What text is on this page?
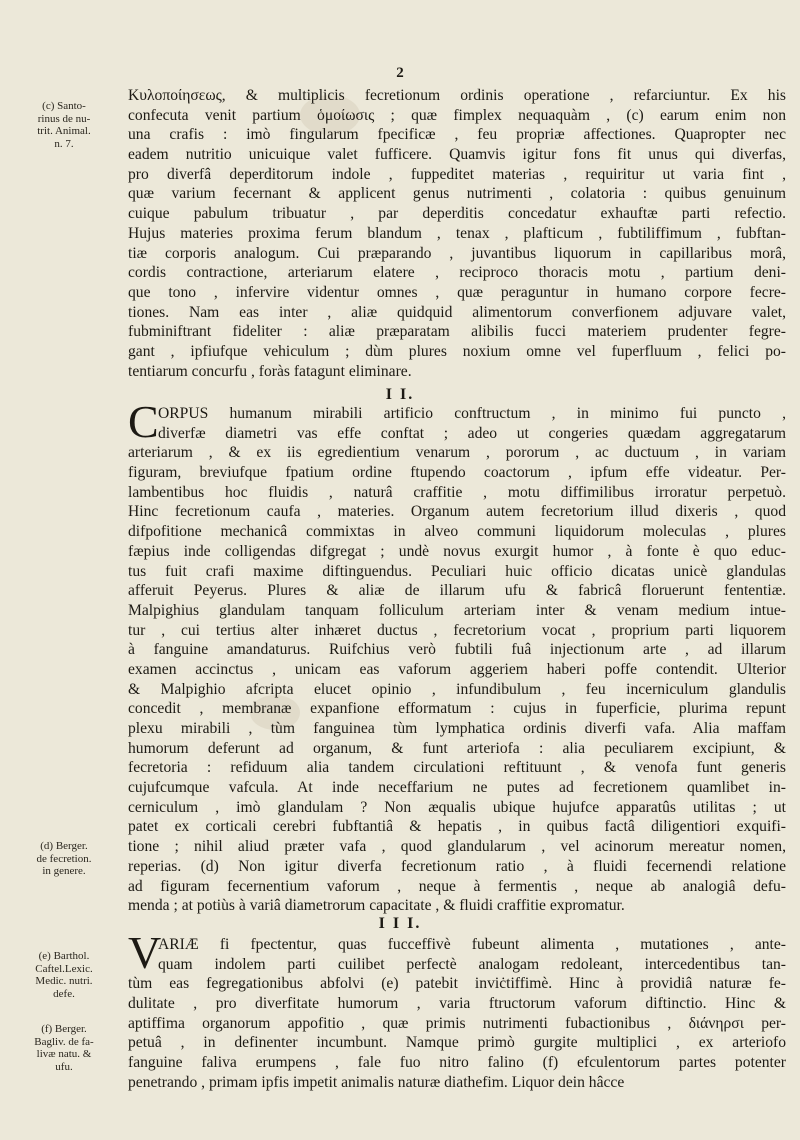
2
(c) Santo-
rinus de nu-
trit. Animal.
n. 7.
(d) Berger.
de fecretion.
in genere.
(e) Barthol.
Caftel.Lexic.
Medic. nutri.
defe.
(f) Berger.
Bagliv. de fa-
livæ natu. &
ufu.
Κυλοποίησεως, & multiplicis fecretionum ordinis operatione , refarciuntur. Ex his
confecuta venit partium ὁμοίωσις ; quæ fimplex nequaquàm , (c) earum enim non
una crafis : imò fingularum fpecificæ , feu propriæ affectiones. Quapropter nec
eadem nutritio unicuique valet fufficere. Quamvis igitur fons fit unus qui diverfas,
pro diverfâ deperditorum indole , fuppeditet materias , requiritur ut varia fint ,
quæ varium fecernant & applicent genus nutrimenti , colatoria : quibus genuinum
cuique pabulum tribuatur , par deperditis concedatur exhauftæ parti refectio.
Hujus materies proxima ferum blandum , tenax , plafticum , fubtiliffimum , fubftan-
tiæ corporis analogum. Cui præparando , juvantibus liquorum in capillaribus morâ,
cordis contractione, arteriarum elatere , reciproco thoracis motu , partium deni-
que tono , infervire videntur omnes , quæ peraguntur in humano corpore fecre-
tiones. Nam eas inter , aliæ quidquid alimentorum converfionem adjuvare valet,
fubminiftrant fideliter : aliæ præparatam alibilis fucci materiem prudenter fegre-
gant , ipfiufque vehiculum ; dùm plures noxium omne vel fuperfluum , felici po-
tentiarum concurfu , foràs fatagunt eliminare.
I I.
C ORPUS humanum mirabili artificio conftructum , in minimo fui puncto ,
diverfæ diametri vas effe conftat ; adeo ut congeries quædam aggregatarum
arteriarum , & ex iis egredientium venarum , pororum , ac ductuum , in variam
figuram, breviufque fpatium ordine ftupendo coactorum , ipfum effe videatur. Per-
lambentibus hoc fluidis , naturâ craffitie , motu diffimilibus irroratur perpetuò.
Hinc fecretionum caufa , materies. Organum autem fecretorium illud dixeris , quod
difpofitione mechanicâ commixtas in alveo communi liquidorum moleculas , plures
fæpius inde colligendas difgregat ; undè novus exurgit humor , à fonte è quo educ-
tus fuit crafi maxime diftinguendus. Peculiari huic officio dicatas unicè glandulas
afferuit Peyerus. Plures & aliæ de illarum ufu & fabricâ floruerunt fententiæ.
Malpighius glandulam tanquam folliculum arteriam inter & venam medium intue-
tur , cui tertius alter inhæret ductus , fecretorium vocat , proprium parti liquorem
à fanguine amandaturus. Ruifchius verò fubtili fuâ injectionum arte , ad illarum
examen accinctus , unicam eas vaforum aggeriem haberi poffe contendit. Ulterior
& Malpighio afcripta elucet opinio , infundibulum , feu incerniculum glandulis
concedit , membranæ expanfione efformatum : cujus in fuperficie, plurima repunt
plexu mirabili , tùm fanguinea tùm lymphatica ordinis diverfi vafa. Alia maffam
humorum deferunt ad organum, & funt arteriofa : alia peculiarem excipiunt, &
fecretoria : refiduum alia tandem circulationi reftituunt , & venofa funt generis
cujufcumque vafcula. At inde neceffarium ne putes ad fecretionem quamlibet in-
cerniculum , imò glandulam ? Non æqualis ubique hujufce apparatûs utilitas ; ut
patet ex corticali cerebri fubftantiâ & hepatis , in quibus factâ diligentiori exquifi-
tione ; nihil aliud præter vafa , quod glandularum , vel acinorum mereatur nomen,
reperias. (d) Non igitur diverfa fecretionum ratio , à fluidi fecernendi relatione
ad figuram fecernentium vaforum , neque à fermentis , neque ab analogiâ defu-
menda ; at potiùs à variâ diametrorum capacitate , & fluidi craffitie expromatur.
I I I.
V
ARIÆ fi fpectentur, quas fucceffivè fubeunt alimenta , mutationes , ante-
quam indolem parti cuilibet perfectè analogam redoleant, intercedentibus tan-
tùm eas fegregationibus abfolvi (e) patebit inviċtiffimè. Hinc à providiâ naturæ fe-
dulitate , pro diverfitate humorum , varia ftructorum vaforum diftinctio. Hinc &
aptiffima organorum appofitio , quæ primis nutrimenti fubactionibus , διάνηρσι per-
petuâ , in definenter incumbunt. Namque primò gurgite multiplici , ex arteriofo
fanguine faliva erumpens , fale fuo nitro falino (f) efculentorum partes potenter
penetrando , primam ipfis impetit animalis naturæ diathefim. Liquor dein hâcce
